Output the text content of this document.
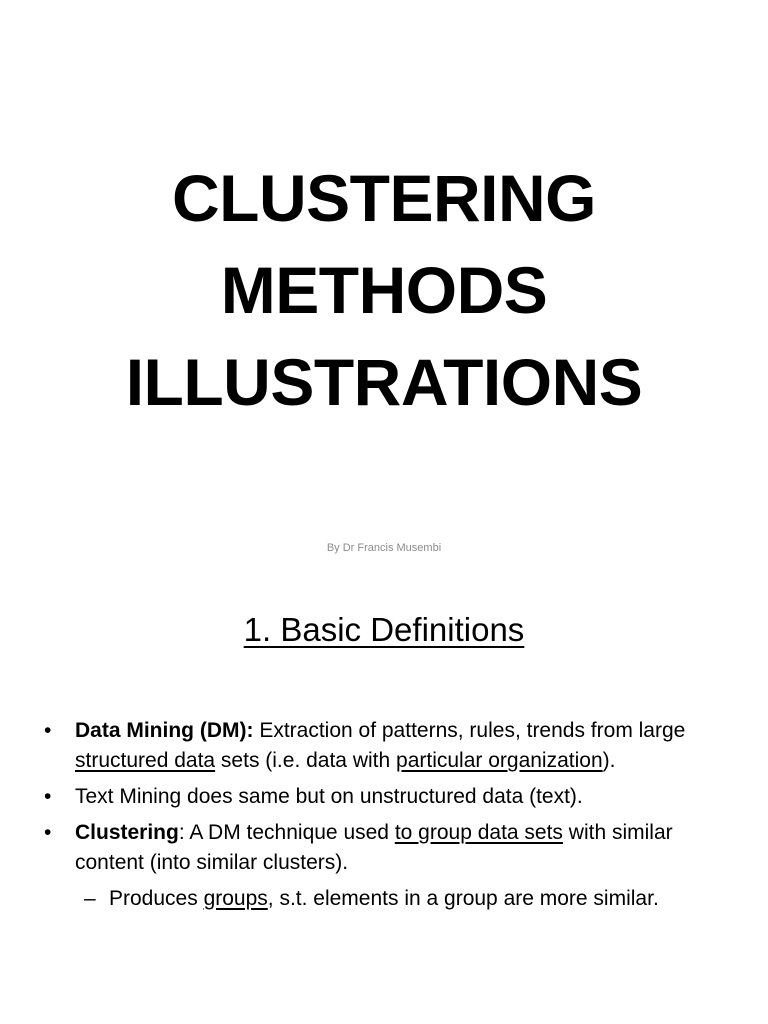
CLUSTERING
METHODS
ILLUSTRATIONS
By Dr Francis Musembi
1. Basic Definitions
• Data Mining (DM): Extraction of patterns, rules, trends from large structured data sets (i.e. data with particular organization).
• Text Mining does same but on unstructured data (text).
• Clustering: A DM technique used to group data sets with similar content (into similar clusters).
– Produces groups, s.t. elements in a group are more similar.
